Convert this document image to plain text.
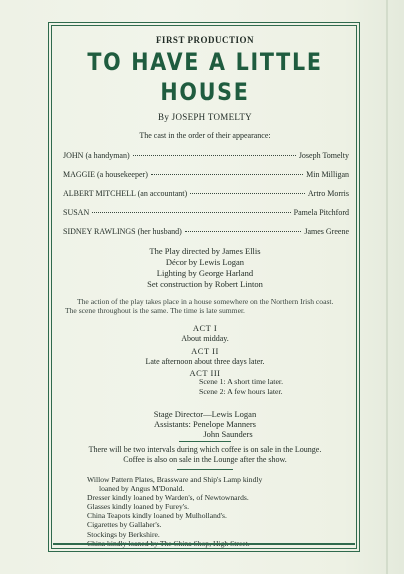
FIRST PRODUCTION
TO HAVE A LITTLE
HOUSE
By JOSEPH TOMELTY
The cast in the order of their appearance:
JOHN (a handyman)	Joseph Tomelty
MAGGIE (a housekeeper)	Min Milligan
ALBERT MITCHELL (an accountant)	Artro Morris
SUSAN	Pamela Pitchford
SIDNEY RAWLINGS (her husband)	James Greene
The Play directed by James Ellis
Décor by Lewis Logan
Lighting by George Harland
Set construction by Robert Linton
The action of the play takes place in a house somewhere on the Northern Irish coast. The scene throughout is the same. The time is late summer.
ACT I
About midday.
ACT II
Late afternoon about three days later.
ACT III
Scene 1: A short time later.
Scene 2: A few hours later.
Stage Director—Lewis Logan
Assistants: Penelope Manners
John Saunders
There will be two intervals during which coffee is on sale in the Lounge.
Coffee is also on sale in the Lounge after the show.
Willow Pattern Plates, Brassware and Ship's Lamp kindly
loaned by Angus M'Donald.
Dresser kindly loaned by Warden's, of Newtownards.
Glasses kindly loaned by Furey's.
China Teapots kindly loaned by Mulholland's.
Cigarettes by Gallaher's.
Stockings by Berkshire.
